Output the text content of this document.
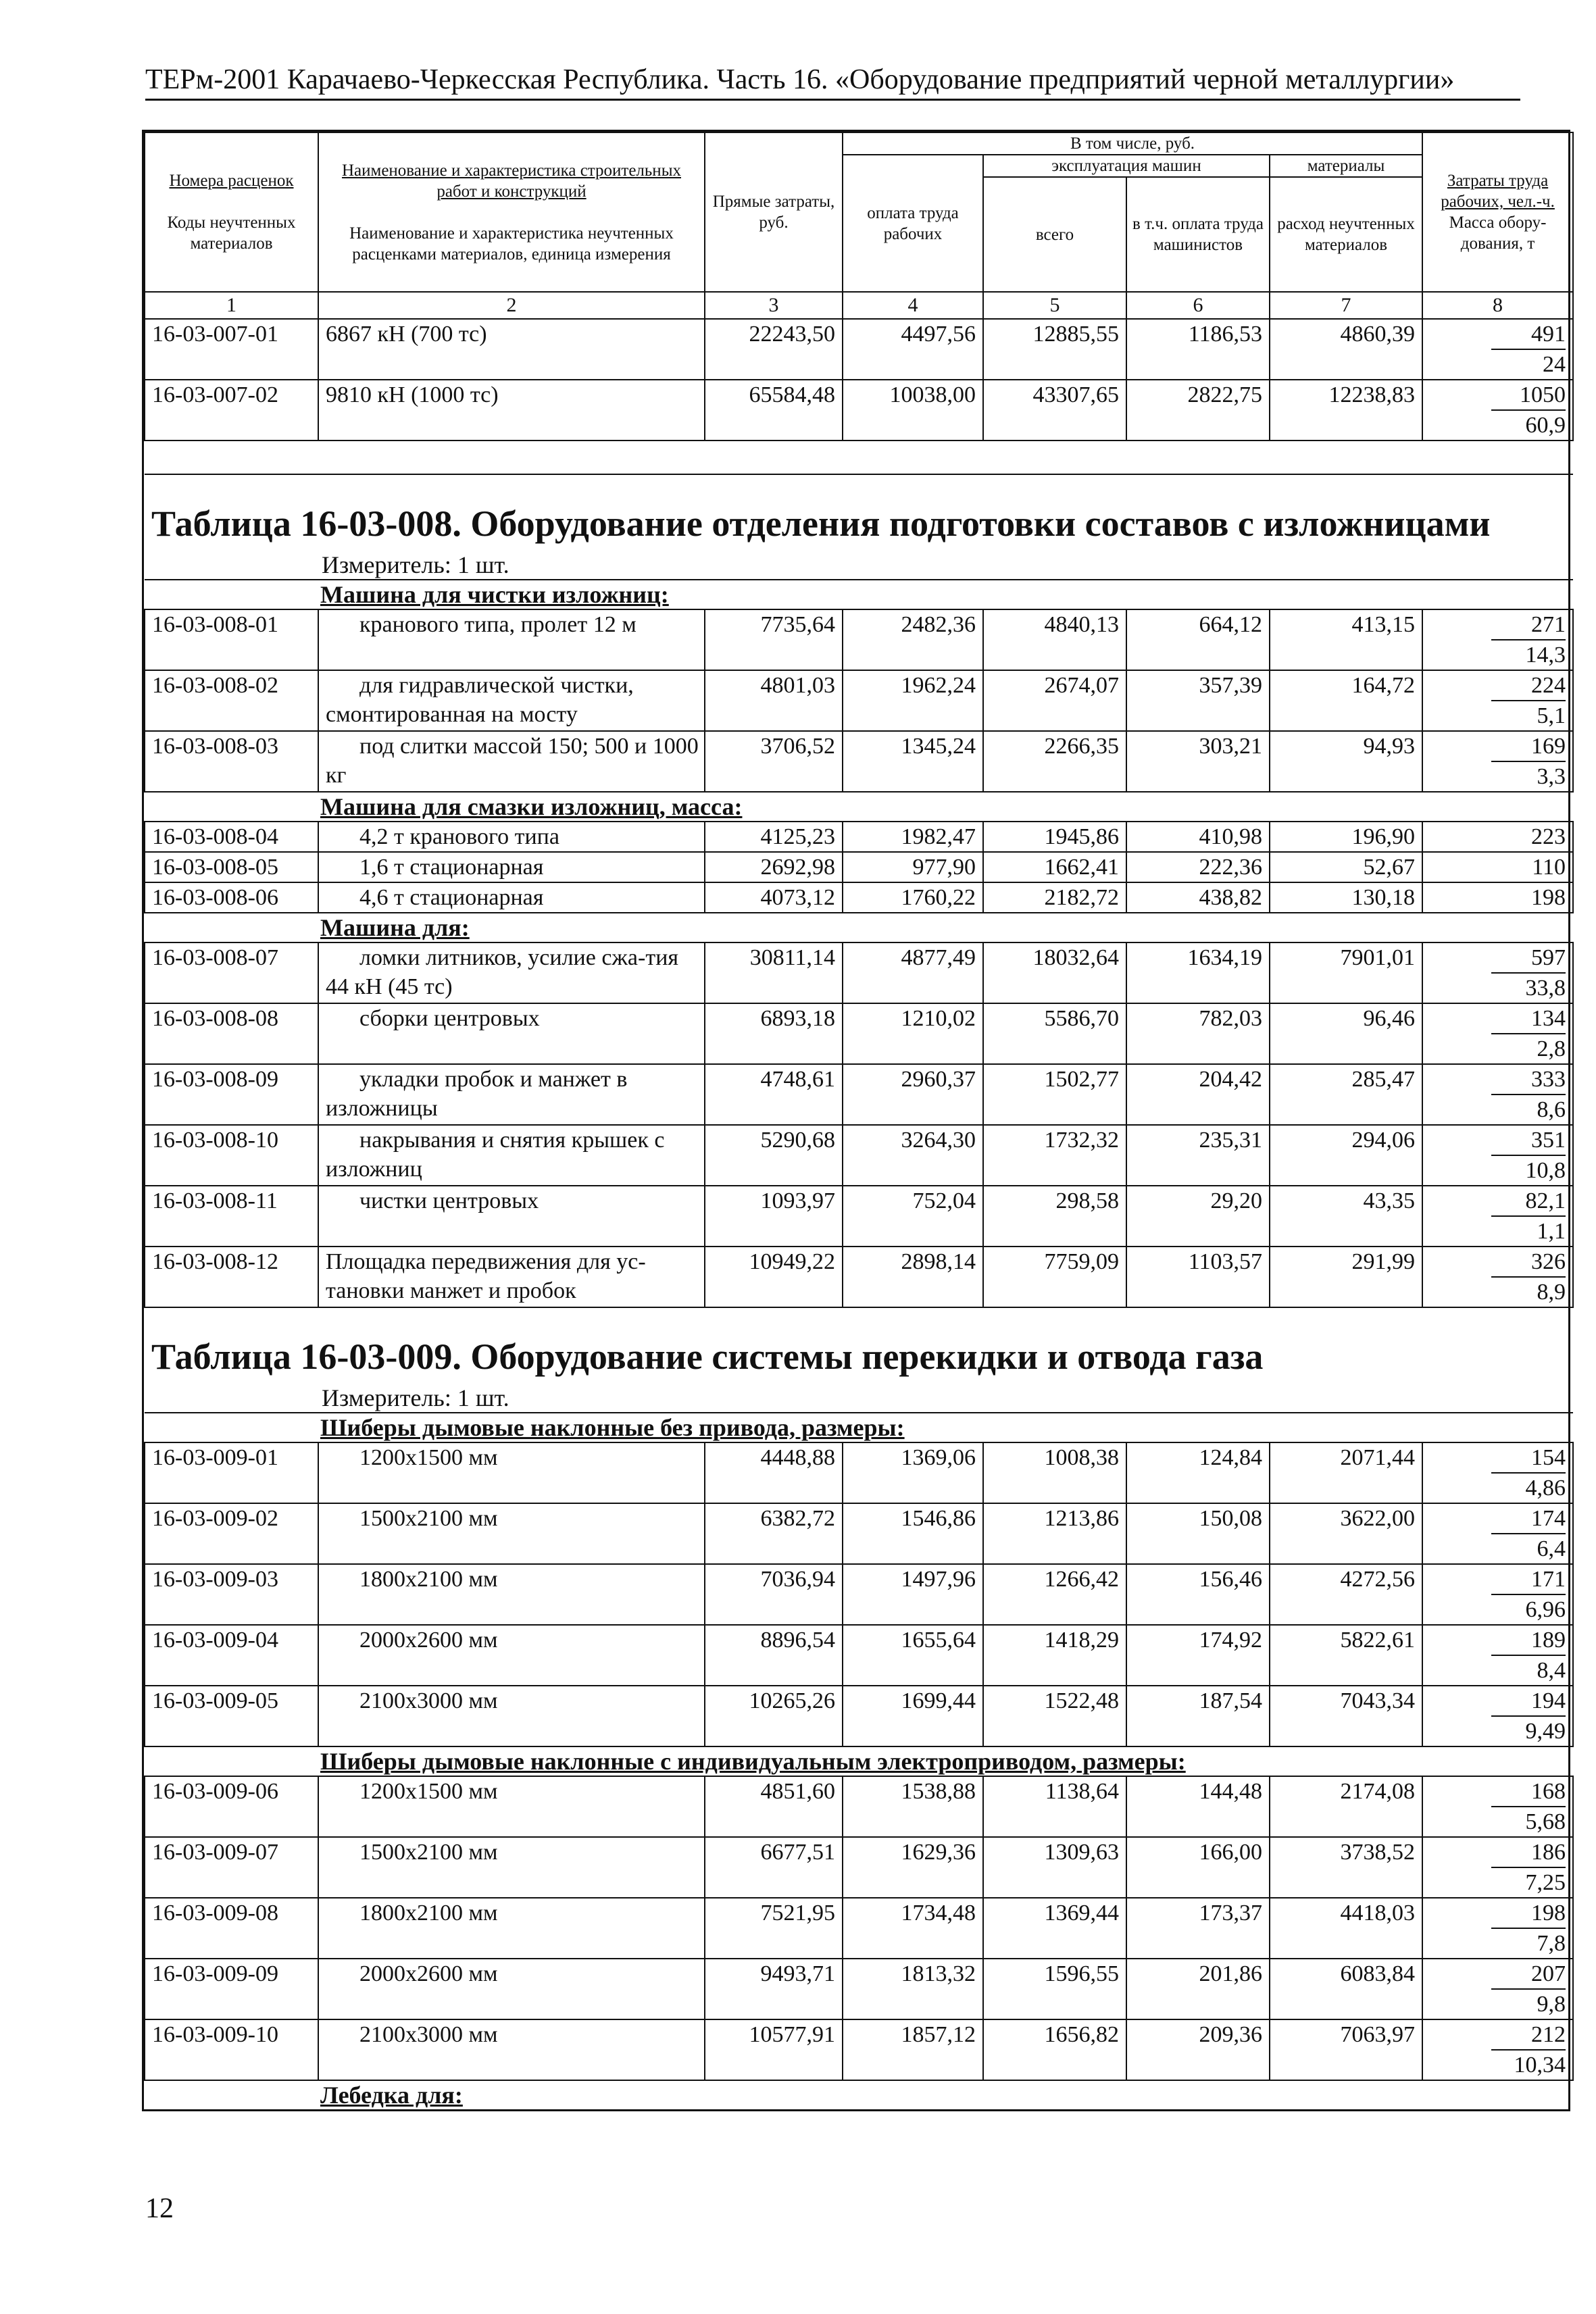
ТЕРм-2001 Карачаево-Черкесская Республика. Часть 16. «Оборудование предприятий черной металлургии»
Номера расценок

Коды неучтенных материалов	Наименование и характеристика строительных работ и конструкций

Наименование и характеристика неучтенных расценками материалов, единица измерения	Прямые затраты, руб.	В том числе, руб.				Затраты труда рабочих, чел.-ч.
Масса обору-дования, т
			оплата труда рабочих	эксплуатация машин		материалы	
				всего	в т.ч. оплата труда машинистов	расход неучтенных материалов	
1	2	3	4	5	6	7	8
16-03-007-01	6867 кН (700 тс)	22243,50	4497,56	12885,55	1186,53	4860,39	491
24

16-03-007-02	9810 кН (1000 тс)	65584,48	10038,00	43307,65	2822,75	12238,83	1050
60,9

Таблица 16-03-008. Оборудование отделения подготовки составов с изложницами							
Измеритель: 1 шт.							
Машина для чистки изложниц:							
16-03-008-01	кранового типа, пролет 12 м	7735,64	2482,36	4840,13	664,12	413,15	271
14,3

16-03-008-02	для гидравлической чистки, смонтированная на мосту	4801,03	1962,24	2674,07	357,39	164,72	224
5,1

16-03-008-03	под слитки массой 150; 500 и 1000 кг	3706,52	1345,24	2266,35	303,21	94,93	169
3,3

Машина для смазки изложниц, масса:							
16-03-008-04	4,2 т кранового типа	4125,23	1982,47	1945,86	410,98	196,90	223
16-03-008-05	1,6 т стационарная	2692,98	977,90	1662,41	222,36	52,67	110
16-03-008-06	4,6 т стационарная	4073,12	1760,22	2182,72	438,82	130,18	198
Машина для:							
16-03-008-07	ломки литников, усилие сжа-тия 44 кН (45 тс)	30811,14	4877,49	18032,64	1634,19	7901,01	597
33,8

16-03-008-08	сборки центровых	6893,18	1210,02	5586,70	782,03	96,46	134
2,8

16-03-008-09	укладки пробок и манжет в изложницы	4748,61	2960,37	1502,77	204,42	285,47	333
8,6

16-03-008-10	накрывания и снятия крышек с изложниц	5290,68	3264,30	1732,32	235,31	294,06	351
10,8

16-03-008-11	чистки центровых	1093,97	752,04	298,58	29,20	43,35	82,1
1,1

16-03-008-12	Площадка передвижения для ус-тановки манжет и пробок	10949,22	2898,14	7759,09	1103,57	291,99	326
8,9

Таблица 16-03-009. Оборудование системы перекидки и отвода газа							
Измеритель: 1 шт.							
Шиберы дымовые наклонные без привода, размеры:							
16-03-009-01	1200x1500 мм	4448,88	1369,06	1008,38	124,84	2071,44	154
4,86

16-03-009-02	1500x2100 мм	6382,72	1546,86	1213,86	150,08	3622,00	174
6,4

16-03-009-03	1800x2100 мм	7036,94	1497,96	1266,42	156,46	4272,56	171
6,96

16-03-009-04	2000x2600 мм	8896,54	1655,64	1418,29	174,92	5822,61	189
8,4

16-03-009-05	2100x3000 мм	10265,26	1699,44	1522,48	187,54	7043,34	194
9,49

Шиберы дымовые наклонные с индивидуальным электроприводом, размеры:							
16-03-009-06	1200x1500 мм	4851,60	1538,88	1138,64	144,48	2174,08	168
5,68

16-03-009-07	1500x2100 мм	6677,51	1629,36	1309,63	166,00	3738,52	186
7,25

16-03-009-08	1800x2100 мм	7521,95	1734,48	1369,44	173,37	4418,03	198
7,8

16-03-009-09	2000x2600 мм	9493,71	1813,32	1596,55	201,86	6083,84	207
9,8

16-03-009-10	2100x3000 мм	10577,91	1857,12	1656,82	209,36	7063,97	212
10,34

Лебедка для:							
12
